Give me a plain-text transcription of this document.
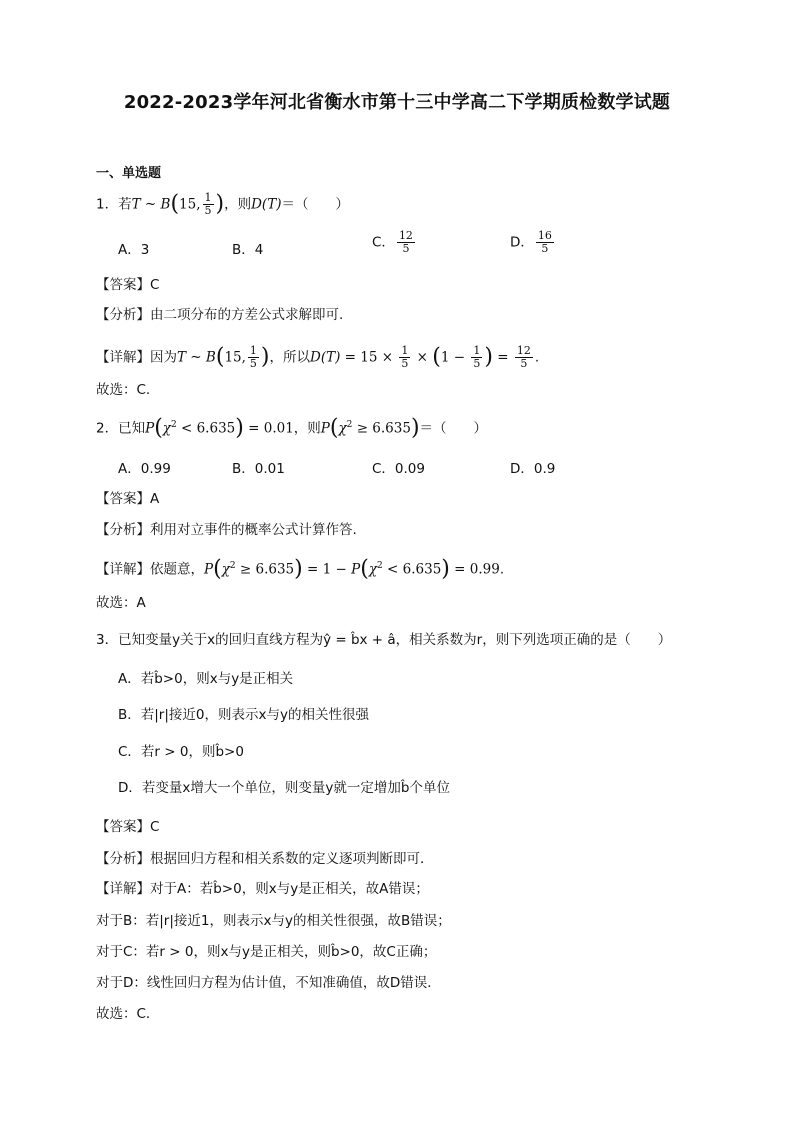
2022-2023学年河北省衡水市第十三中学高二下学期质检数学试题
一、单选题
1．若T ~ B(15, $\frac{1}{5}$ )，则D(T)＝（　　）
A．3	B．4	C． $\frac{12}{5}$	D． $\frac{16}{5}$
【答案】C
【分析】由二项分布的方差公式求解即可.
【详解】因为T ~ B(15, $\frac{1}{5}$ )，所以$D(T) = 15 \times \frac{1}{5} \times (1 - \frac{1}{5}$ ) = $\frac{12}{5}$ .
故选：C.
2．已知$P(\chi^2 < 6.635) = 0.01$，则$P(\chi^2 \ge 6.635)=$（　　）
A．0.99	B．0.01	C．0.09	D．0.9
【答案】A
【分析】利用对立事件的概率公式计算作答.
【详解】依题意，$P(\chi^2 \ge 6.635) = 1 - P(\chi^2 < 6.635) = 0.99$.
故选：A
3．已知变量y关于x的回归直线方程为ŷ = b̂x + â，相关系数为r，则下列选项正确的是（　　）
A．若b̂>0，则x与y是正相关
B．若|r|接近0，则表示x与y的相关性很强
C．若r > 0，则b̂>0
D．若变量x增大一个单位，则变量y就一定增加b̂个单位
【答案】C
【分析】根据回归方程和相关系数的定义逐项判断即可．
【详解】对于A：若b̂>0，则x与y是正相关，故A错误；
对于B：若|r|接近1，则表示x与y的相关性很强，故B错误；
对于C：若r > 0，则x与y是正相关，则b̂>0，故C正确；
对于D：线性回归方程为估计值，不知准确值，故D错误．
故选：C．
